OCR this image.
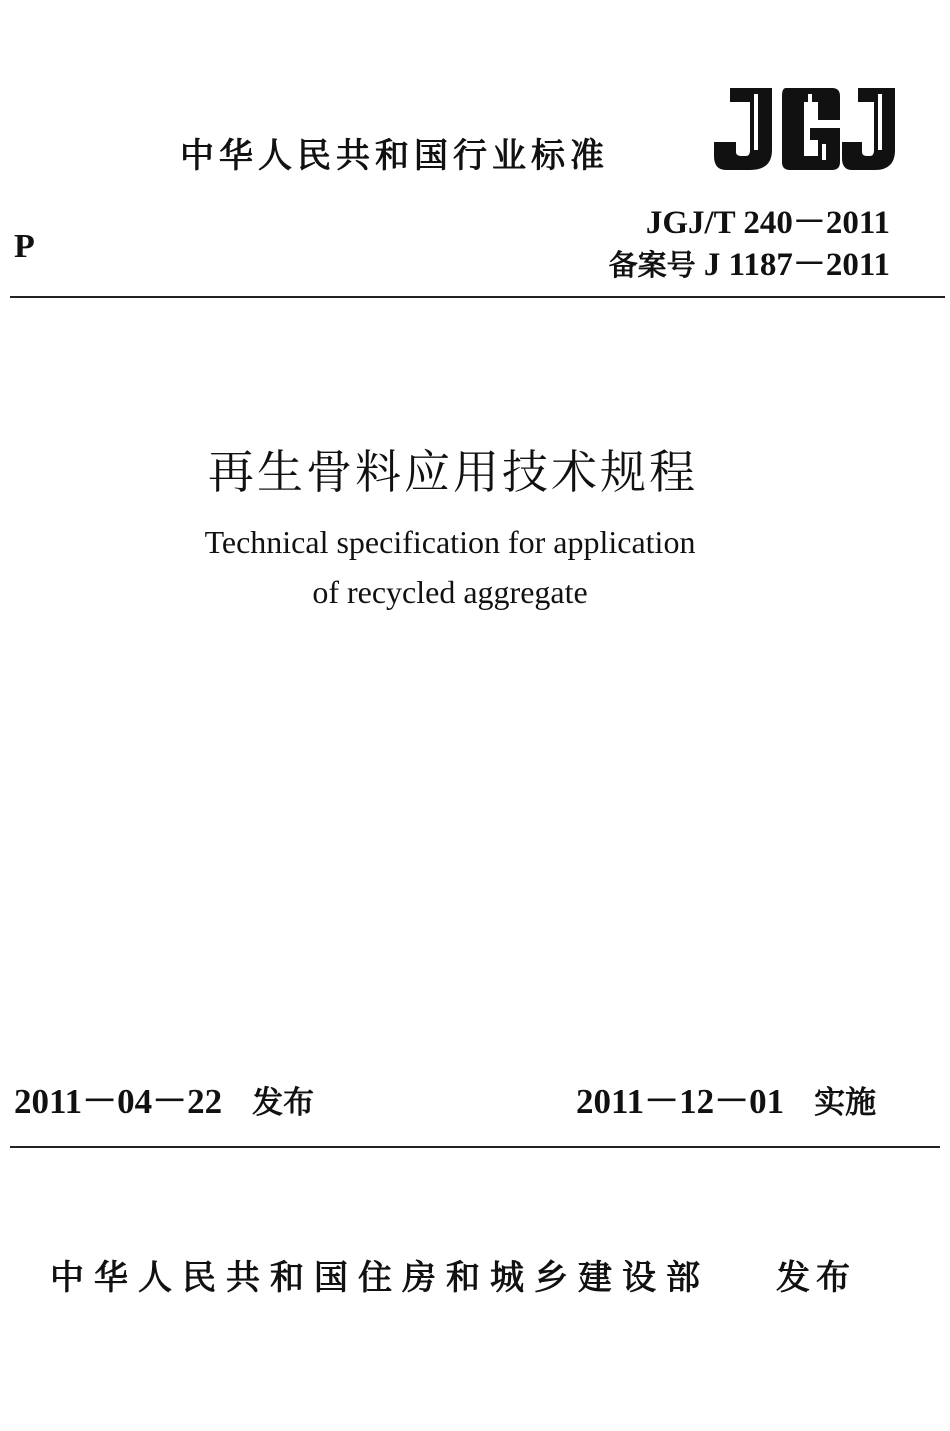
中华人民共和国行业标准
P
JGJ/T 240－2011
备案号 J 1187－2011
再生骨料应用技术规程
Technical specification for application
of recycled aggregate
2011－04－22 发布	2011－12－01 实施
中华人民共和国住房和城乡建设部 发布
